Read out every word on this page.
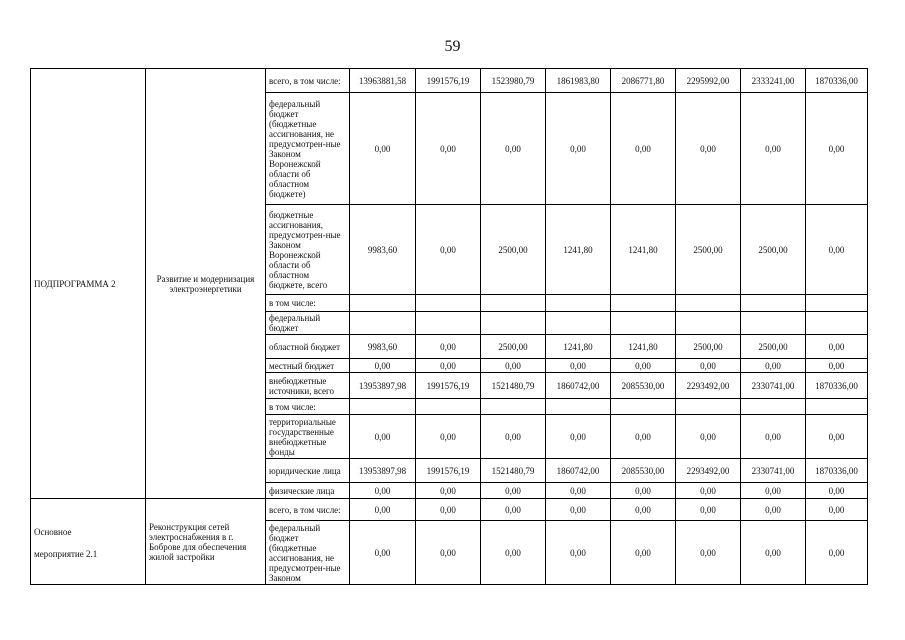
59
ПОДПРОГРАММА 2	Развитие и модернизация электроэнергетики	всего, в том числе:	13963881,58	1991576,19	1523980,79	1861983,80	2086771,80	2295992,00	2333241,00	1870336,00
		федеральный бюджет (бюджетные ассигнования, не предусмотрен-ные Законом Воронежской области об областном бюджете)	0,00	0,00	0,00	0,00	0,00	0,00	0,00	0,00
		бюджетные ассигнования, предусмотрен-ные Законом Воронежской области об областном бюджете, всего	9983,60	0,00	2500,00	1241,80	1241,80	2500,00	2500,00	0,00
		в том числе:								
		федеральный бюджет								
		областной бюджет	9983,60	0,00	2500,00	1241,80	1241,80	2500,00	2500,00	0,00
		местный бюджет	0,00	0,00	0,00	0,00	0,00	0,00	0,00	0,00
		внебюджетные источники, всего	13953897,98	1991576,19	1521480,79	1860742,00	2085530,00	2293492,00	2330741,00	1870336,00
		в том числе:								
		территориальные государственные внебюджетные фонды	0,00	0,00	0,00	0,00	0,00	0,00	0,00	0,00
		юридические лица	13953897,98	1991576,19	1521480,79	1860742,00	2085530,00	2293492,00	2330741,00	1870336,00
		физические лица	0,00	0,00	0,00	0,00	0,00	0,00	0,00	0,00

Основное
мероприятие 2.1	Реконструкция сетей электроснабжения в г. Боброве для обеспечения жилой застройки	всего, в том числе:	0,00	0,00	0,00	0,00	0,00	0,00	0,00	0,00
		федеральный бюджет (бюджетные ассигнования, не предусмотрен-ные Законом	0,00	0,00	0,00	0,00	0,00	0,00	0,00	0,00
